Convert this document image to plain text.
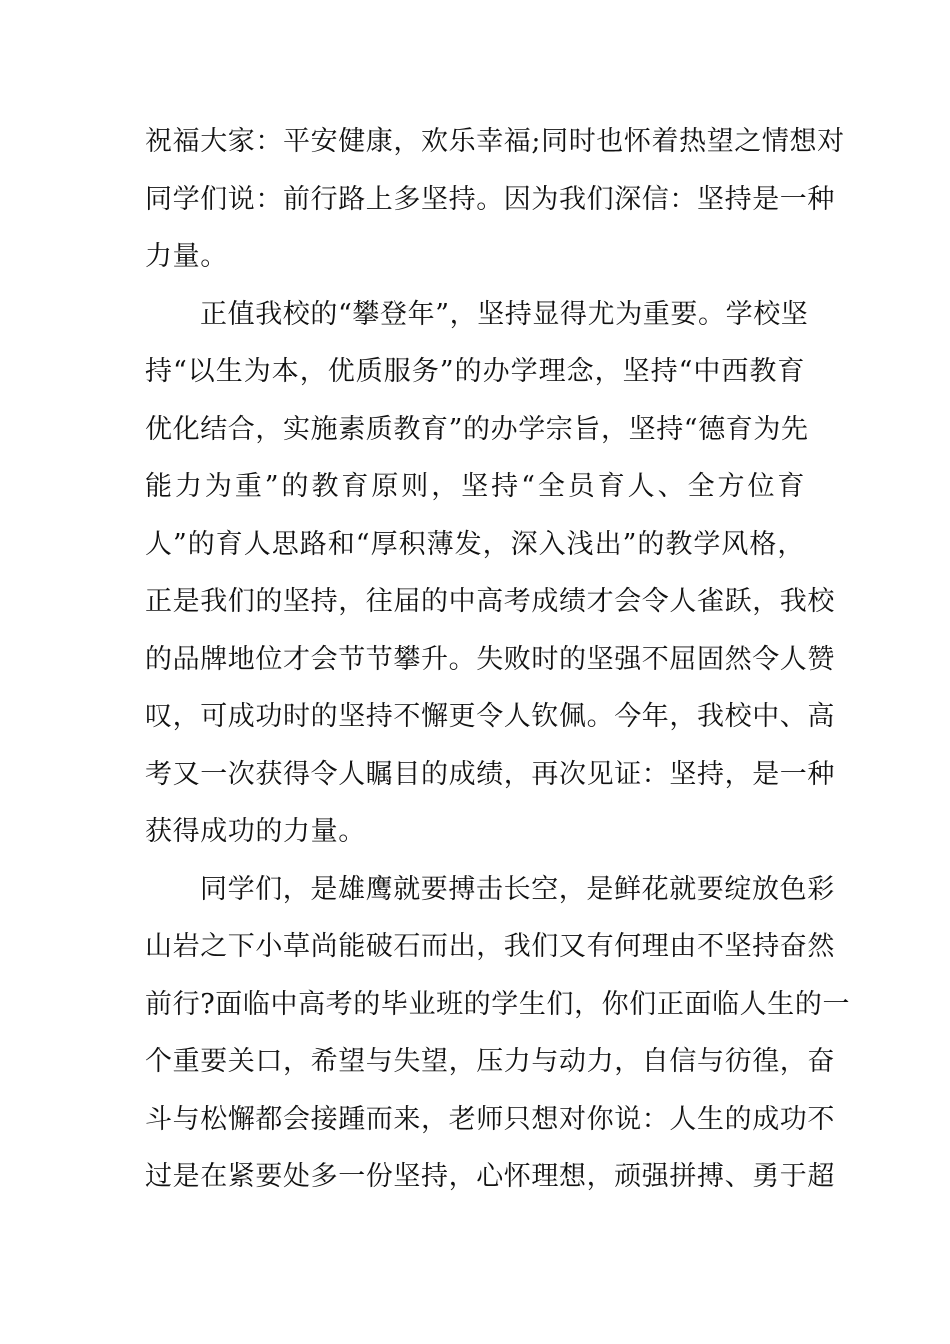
祝福大家：平安健康，欢乐幸福;同时也怀着热望之情想对
同学们说：前行路上多坚持。因为我们深信：坚持是一种
力量。
正值我校的“攀登年”，坚持显得尤为重要。学校坚
持“以生为本，优质服务”的办学理念，坚持“中西教育
优化结合，实施素质教育”的办学宗旨，坚持“德育为先
能力为重”的教育原则，坚持“全员育人、全方位育
人”的育人思路和“厚积薄发，深入浅出”的教学风格，
正是我们的坚持，往届的中高考成绩才会令人雀跃，我校
的品牌地位才会节节攀升。失败时的坚强不屈固然令人赞
叹，可成功时的坚持不懈更令人钦佩。今年，我校中、高
考又一次获得令人瞩目的成绩，再次见证：坚持，是一种
获得成功的力量。
同学们，是雄鹰就要搏击长空，是鲜花就要绽放色彩
山岩之下小草尚能破石而出，我们又有何理由不坚持奋然
前行?面临中高考的毕业班的学生们，你们正面临人生的一
个重要关口，希望与失望，压力与动力，自信与彷徨，奋
斗与松懈都会接踵而来，老师只想对你说：人生的成功不
过是在紧要处多一份坚持，心怀理想，顽强拼搏、勇于超
